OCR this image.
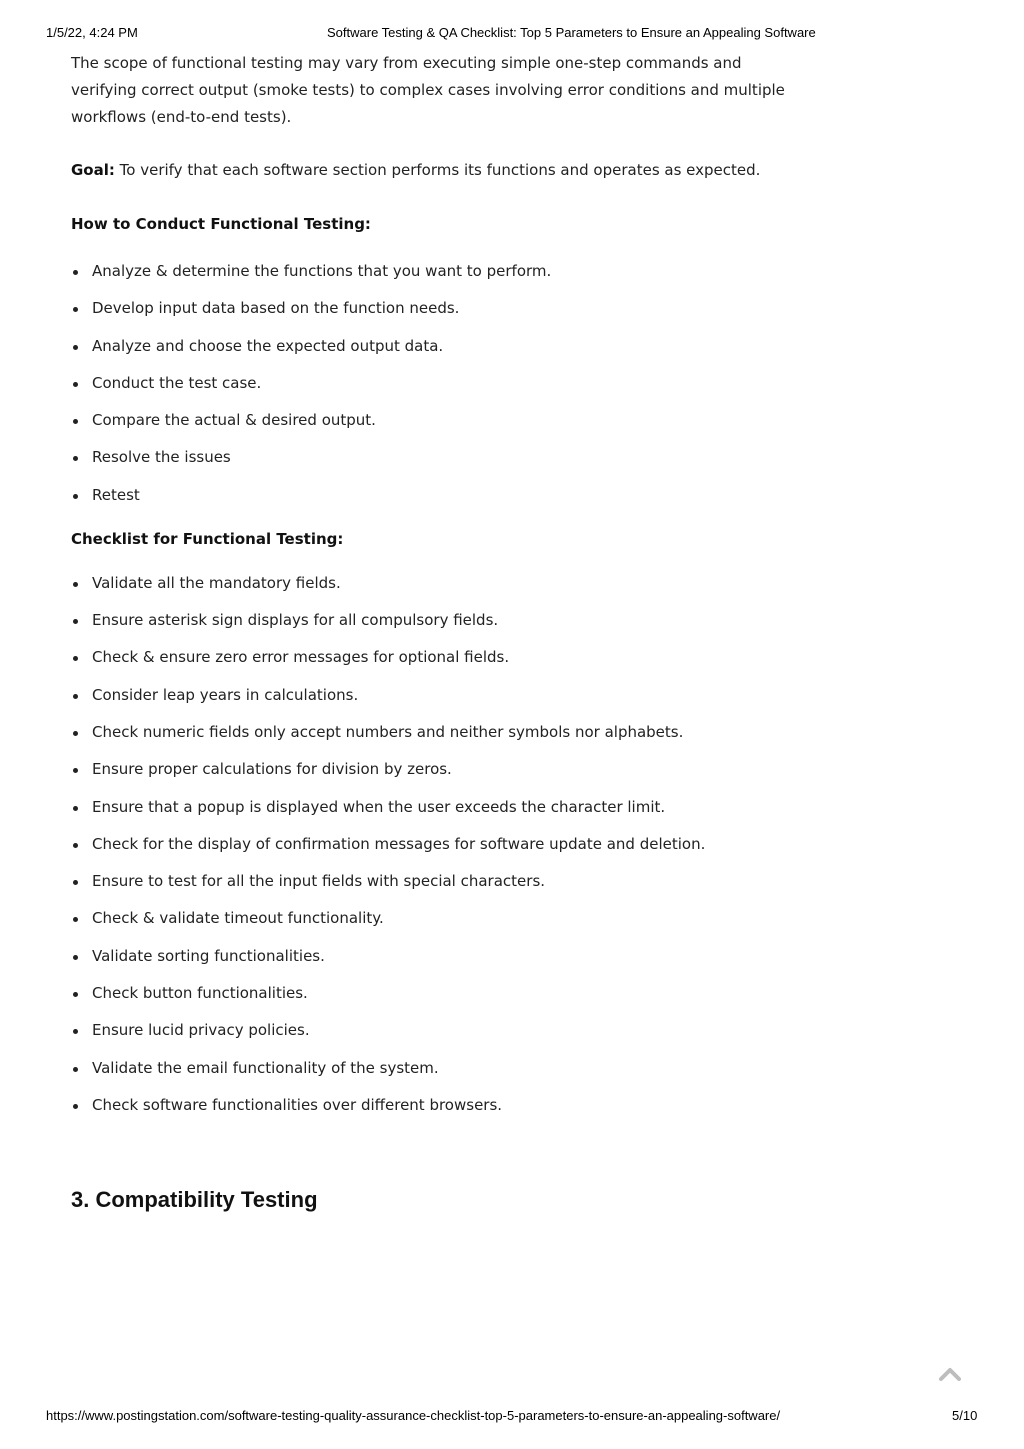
1/5/22, 4:24 PM	Software Testing & QA Checklist: Top 5 Parameters to Ensure an Appealing Software

The scope of functional testing may vary from executing simple one-step commands and verifying correct output (smoke tests) to complex cases involving error conditions and multiple workflows (end-to-end tests).

Goal: To verify that each software section performs its functions and operates as expected.

How to Conduct Functional Testing:

Analyze & determine the functions that you want to perform.
Develop input data based on the function needs.
Analyze and choose the expected output data.
Conduct the test case.
Compare the actual & desired output.
Resolve the issues
Retest

Checklist for Functional Testing:

Validate all the mandatory fields.
Ensure asterisk sign displays for all compulsory fields.
Check & ensure zero error messages for optional fields.
Consider leap years in calculations.
Check numeric fields only accept numbers and neither symbols nor alphabets.
Ensure proper calculations for division by zeros.
Ensure that a popup is displayed when the user exceeds the character limit.
Check for the display of confirmation messages for software update and deletion.
Ensure to test for all the input fields with special characters.
Check & validate timeout functionality.
Validate sorting functionalities.
Check button functionalities.
Ensure lucid privacy policies.
Validate the email functionality of the system.
Check software functionalities over different browsers.
3. Compatibility Testing
https://www.postingstation.com/software-testing-quality-assurance-checklist-top-5-parameters-to-ensure-an-appealing-software/	5/10
